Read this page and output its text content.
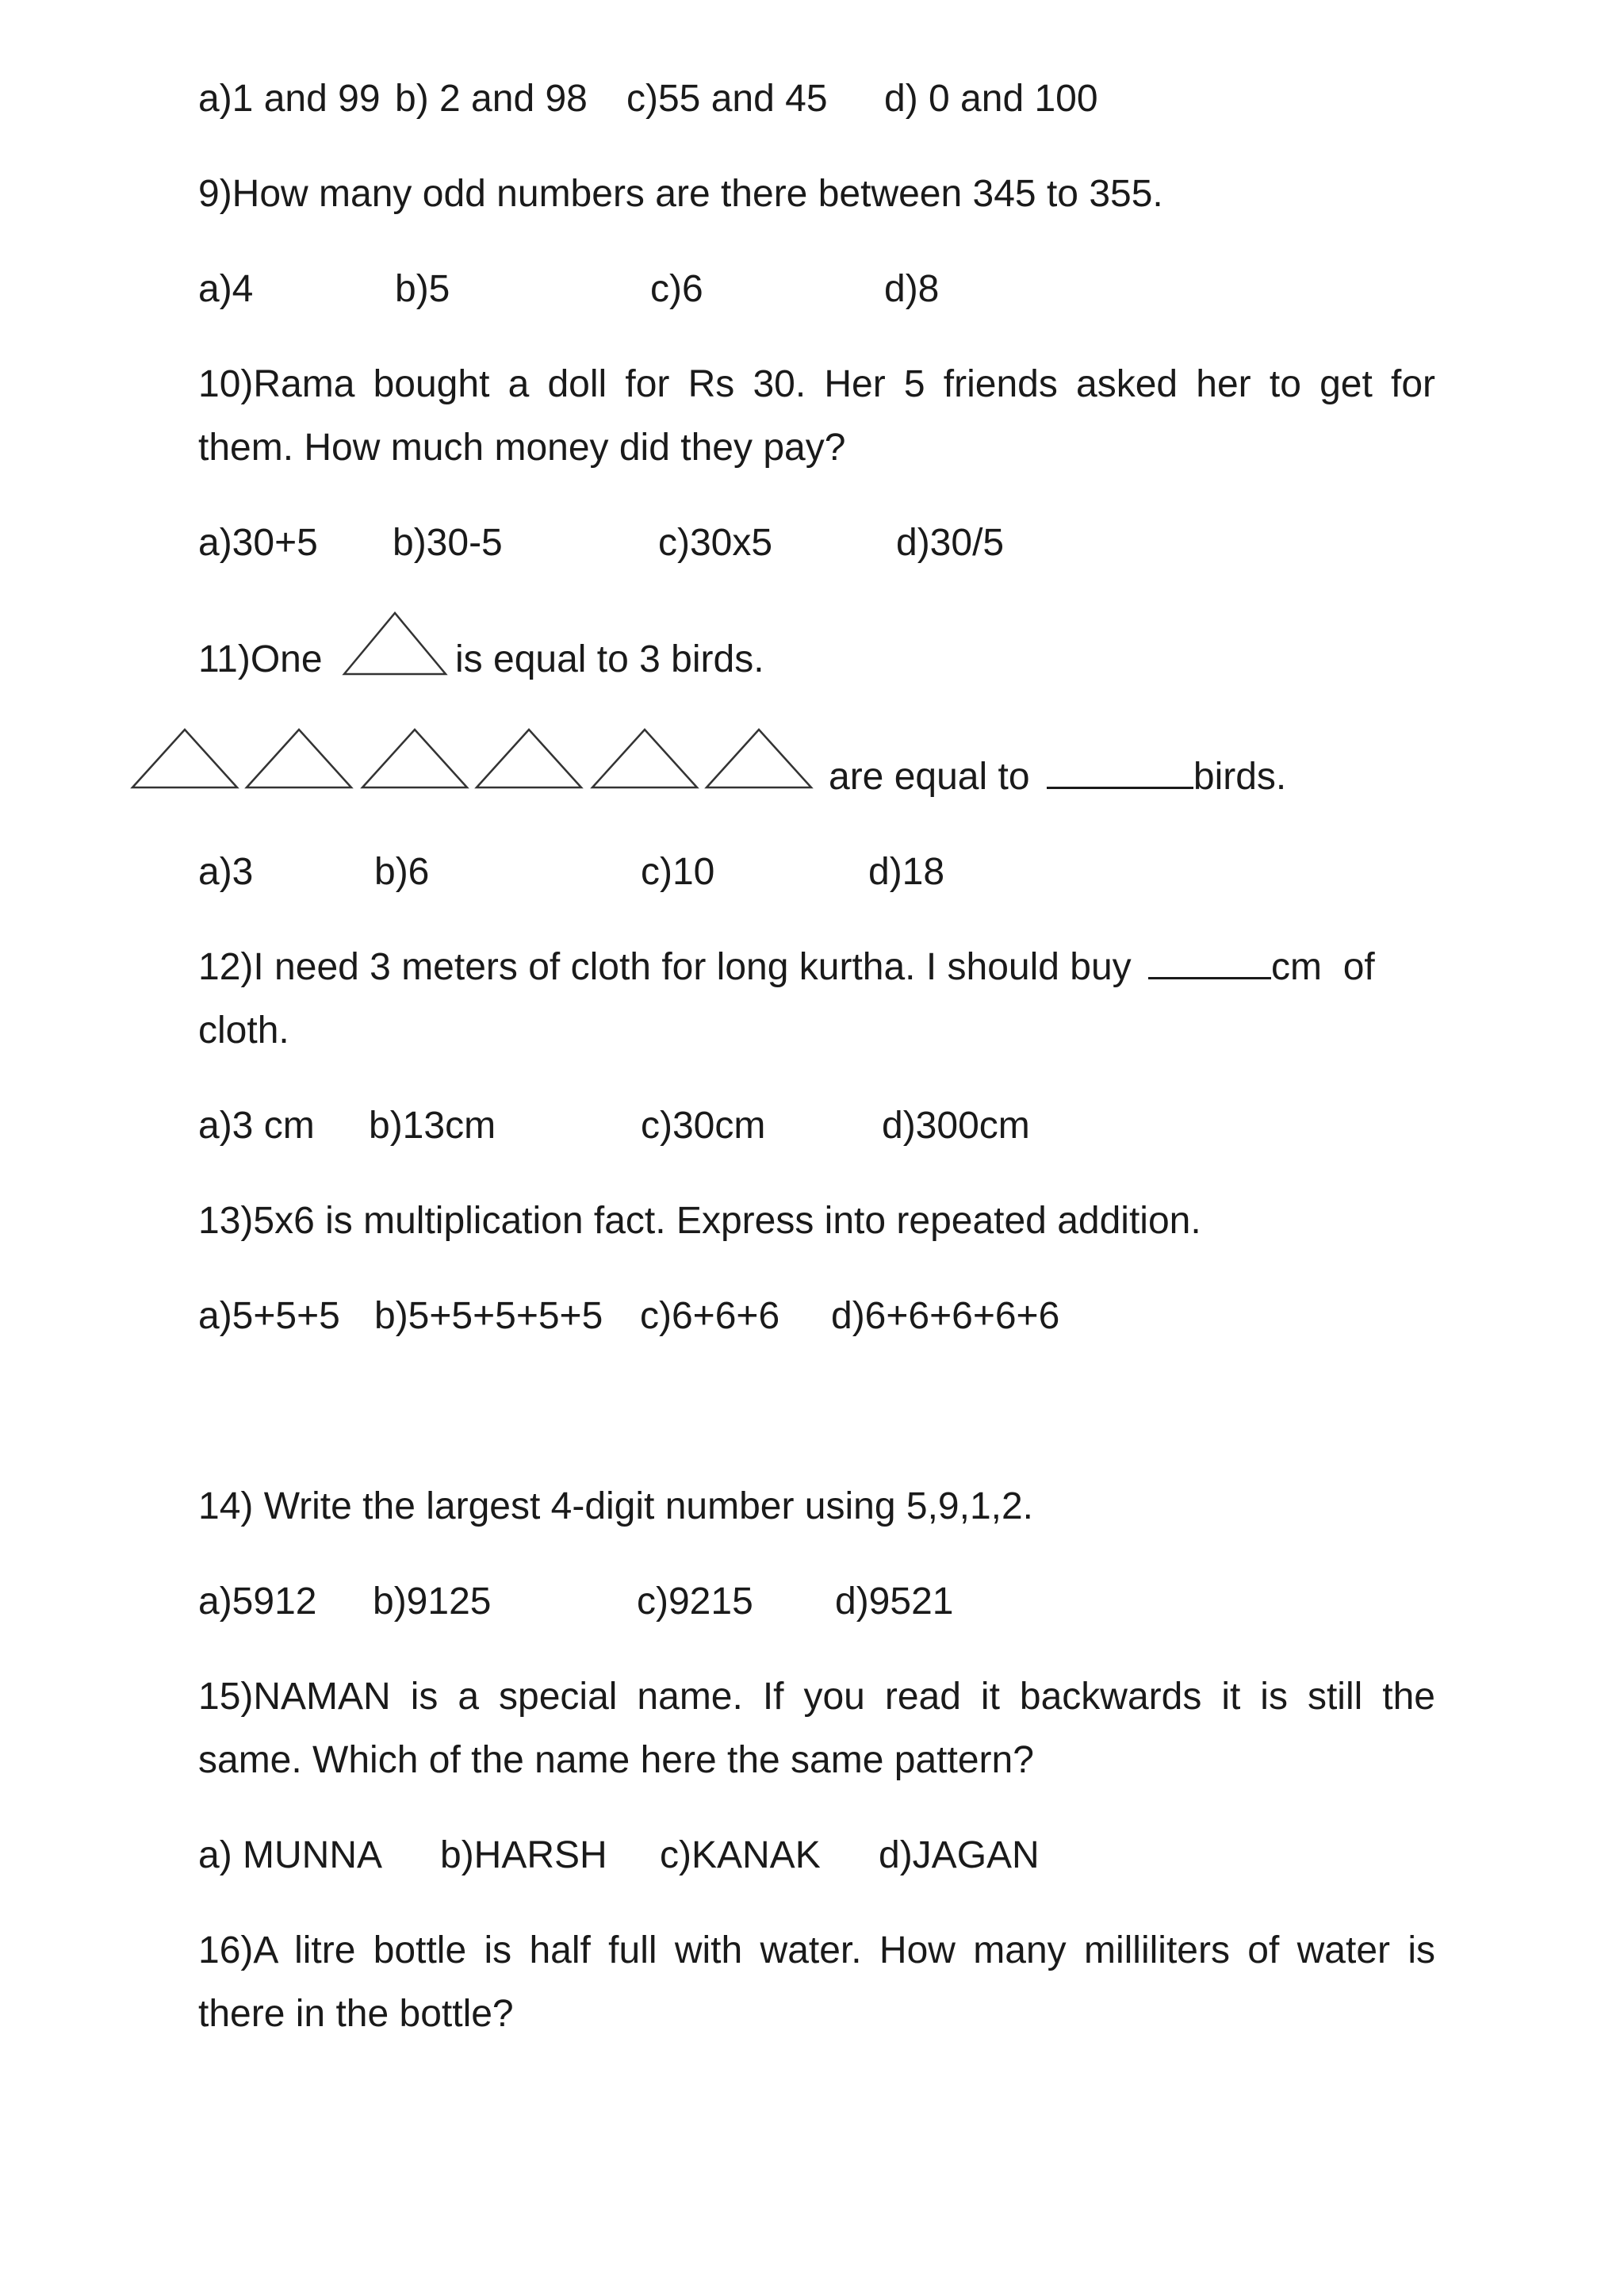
a)1 and 99 b) 2 and 98 c)55 and 45 d) 0 and 100
9)How many odd numbers are there between 345 to 355.
a)4	b)5	c)6	d)8
10)Rama bought a doll for Rs 30. Her 5 friends asked her to get for
them. How much money did they pay?
a)30+5 b)30-5	c)30x5	d)30/5
11)One	is equal to 3 birds.
are equal to	birds.
a)3	b)6	c)10	d)18
12)I need 3 meters of cloth for long kurtha. I should buy	cm  of
cloth.
a)3 cm b)13cm	c)30cm	d)300cm
13)5x6 is multiplication fact. Express into repeated addition.
a)5+5+5 b)5+5+5+5+5 c)6+6+6 d)6+6+6+6+6
14) Write the largest 4-digit number using 5,9,1,2.
a)5912 b)9125	c)9215 d)9521
15)NAMAN is a special name. If you read it backwards it is still the
same. Which of the name here the same pattern?
a) MUNNA b)HARSH c)KANAK d)JAGAN
16)A litre bottle is half full with water. How many milliliters of water is
there in the bottle?
